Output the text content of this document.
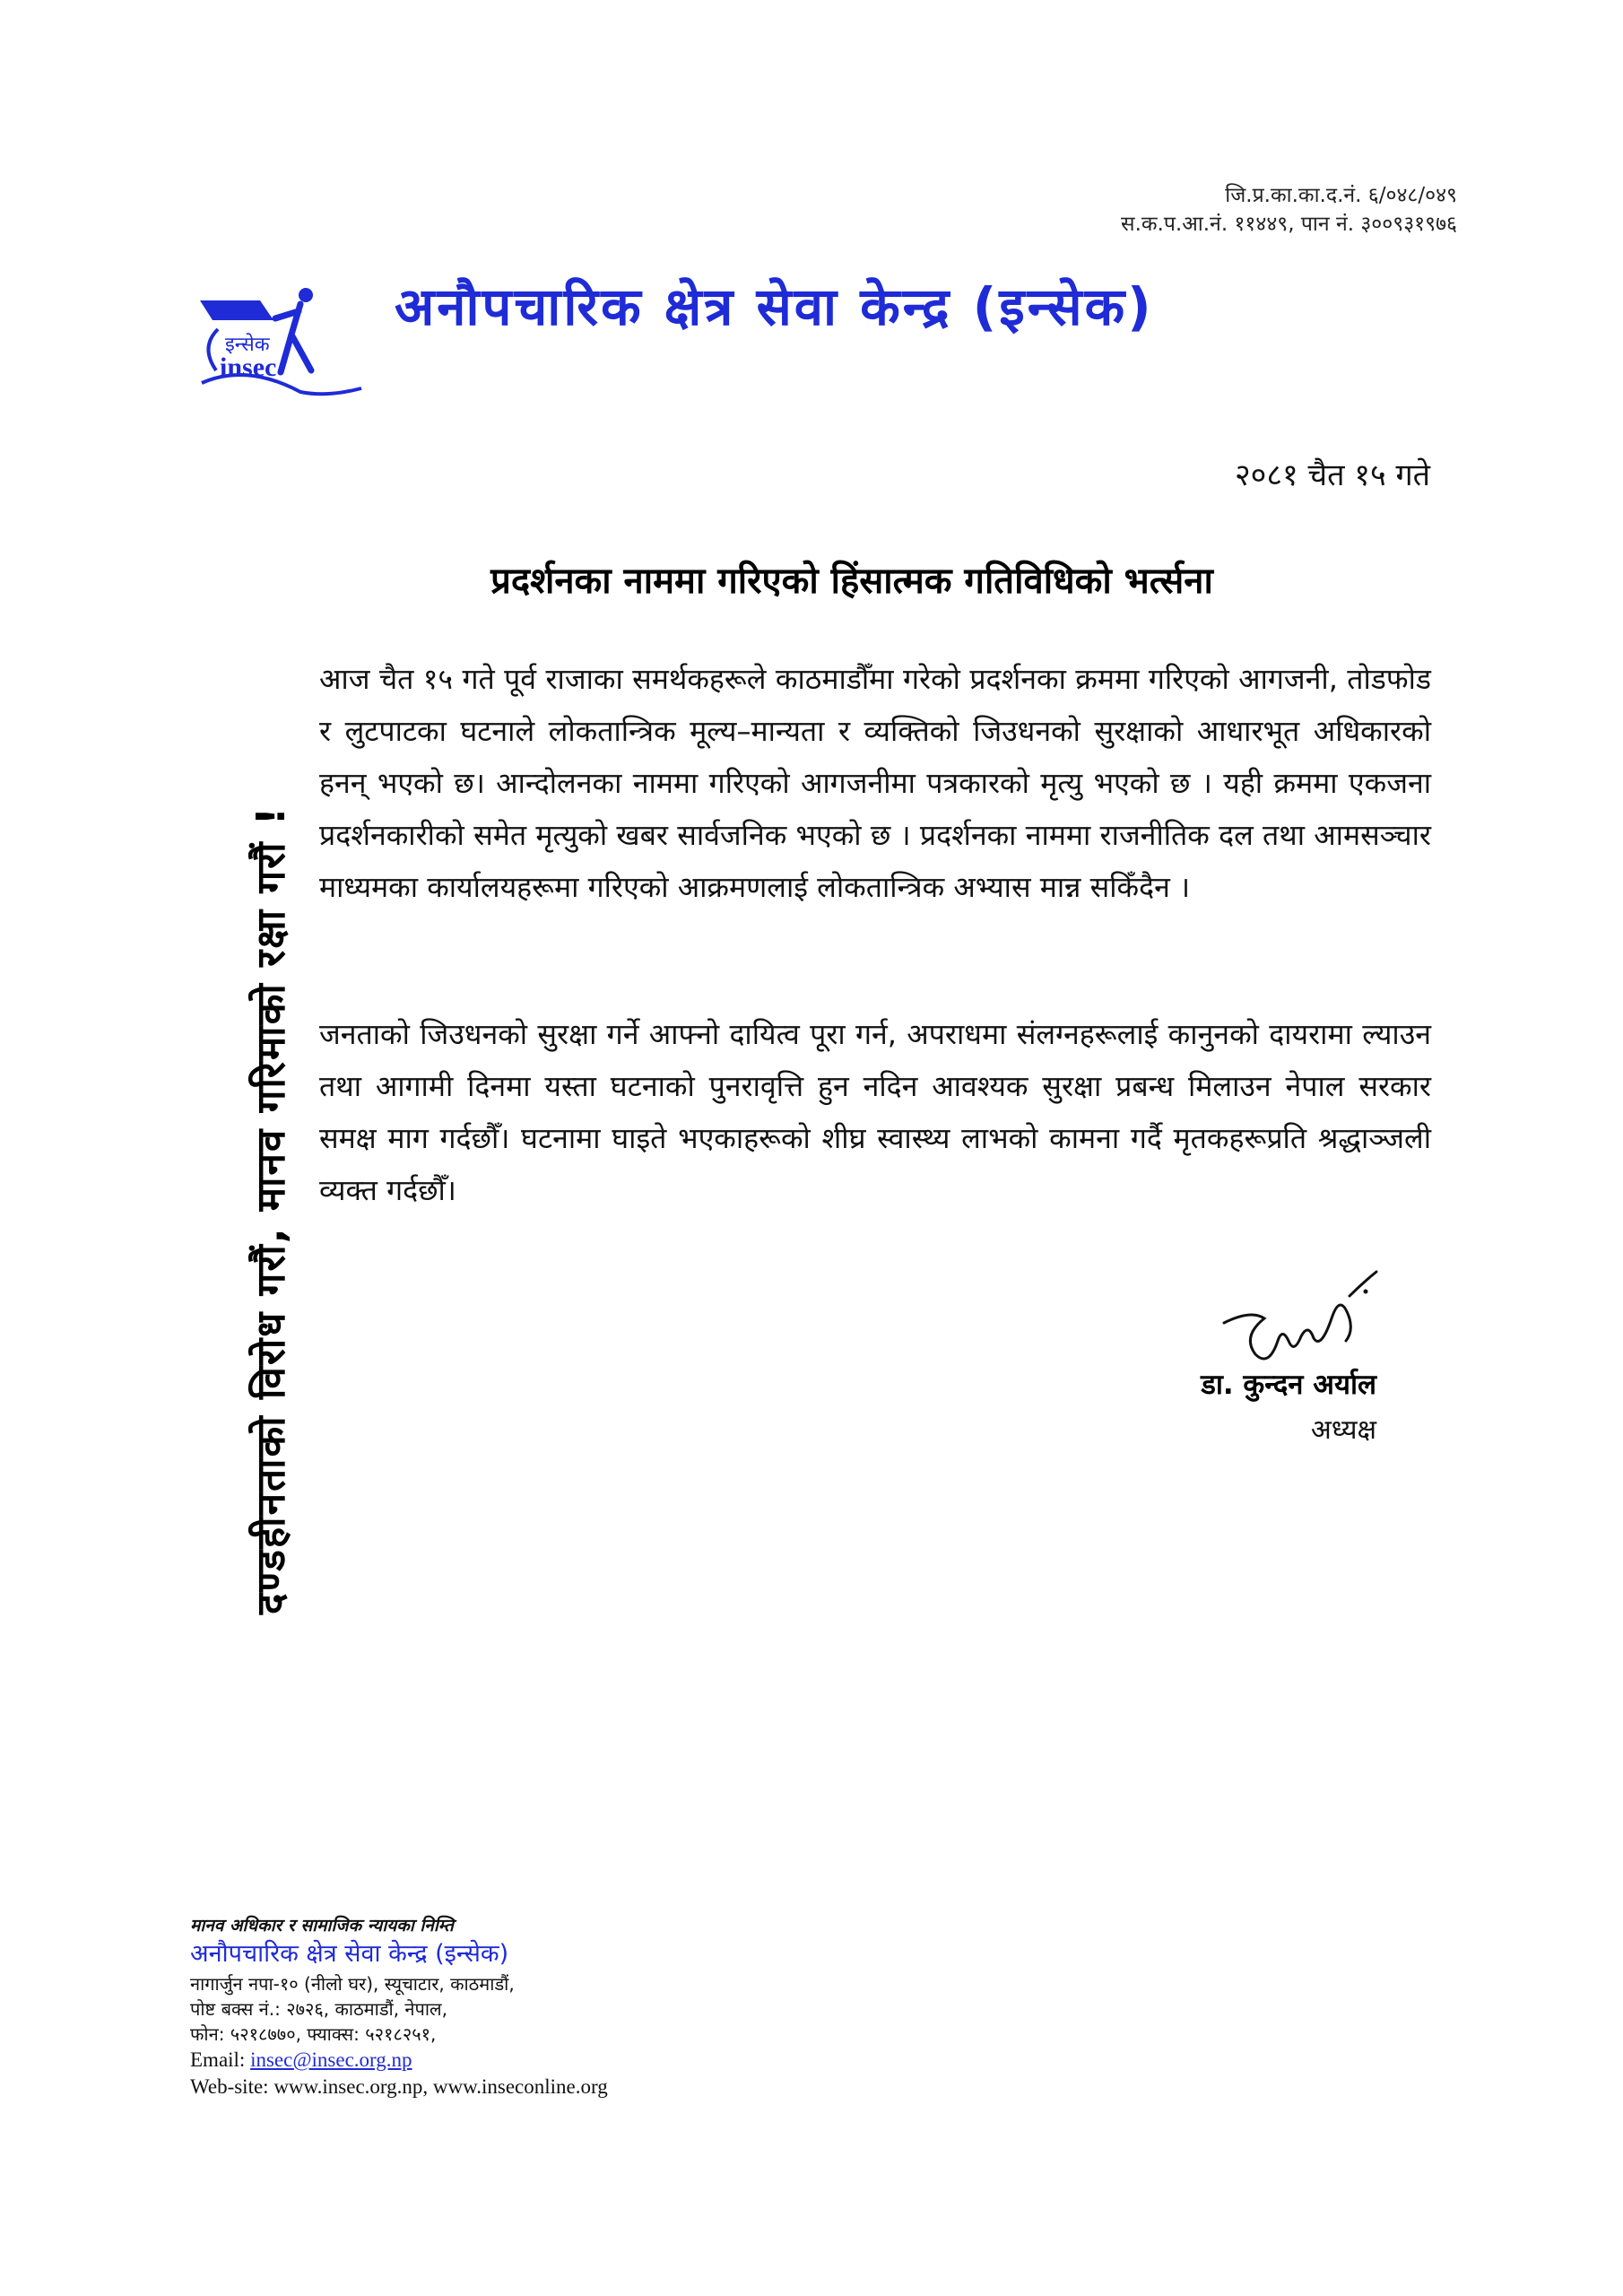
जि.प्र.का.का.द.नं. ६/०४८/०४९
स.क.प.आ.नं. ११४४९, पान नं. ३००९३१९७६
इन्सेक
insec
अनौपचारिक क्षेत्र सेवा केन्द्र (इन्सेक)
२०८१ चैत १५ गते
प्रदर्शनका नाममा गरिएको हिंसात्मक गतिविधिको भर्त्सना
आज चैत १५ गते पूर्व राजाका समर्थकहरूले काठमाडौँमा गरेको प्रदर्शनका क्रममा गरिएको आगजनी, तोडफोड र लुटपाटका घटनाले लोकतान्त्रिक मूल्य–मान्यता र व्यक्तिको जिउधनको सुरक्षाको आधारभूत अधिकारको हनन् भएको छ। आन्दोलनका नाममा गरिएको आगजनीमा पत्रकारको मृत्यु भएको छ । यही क्रममा एकजना प्रदर्शनकारीको समेत मृत्युको खबर सार्वजनिक भएको छ । प्रदर्शनका नाममा राजनीतिक दल तथा आमसञ्चार माध्यमका कार्यालयहरूमा गरिएको आक्रमणलाई लोकतान्त्रिक अभ्यास मान्न सकिँदैन ।
जनताको जिउधनको सुरक्षा गर्ने आफ्नो दायित्व पूरा गर्न, अपराधमा संलग्नहरूलाई कानुनको दायरामा ल्याउन तथा आगामी दिनमा यस्ता घटनाको पुनरावृत्ति हुन नदिन आवश्यक सुरक्षा प्रबन्ध मिलाउन नेपाल सरकार समक्ष माग गर्दछौँ। घटनामा घाइते भएकाहरूको शीघ्र स्वास्थ्य लाभको कामना गर्दै मृतकहरूप्रति श्रद्धाञ्जली व्यक्त गर्दछौँ।
दण्डहीनताको विरोध गरौं, मानव गरिमाको रक्षा गरौं !	डा. कुन्दन अर्याल
अध्यक्ष
मानव अधिकार र सामाजिक न्यायका निम्ति
अनौपचारिक क्षेत्र सेवा केन्द्र (इन्सेक)
नागार्जुन नपा-१० (नीलो घर), स्यूचाटार, काठमाडौं,
पोष्ट बक्स नं.: २७२६, काठमाडौं, नेपाल,
फोन: ५२१८७७०, फ्याक्स: ५२१८२५१,
Email: insec@insec.org.np
Web-site: www.insec.org.np, www.inseconline.org
